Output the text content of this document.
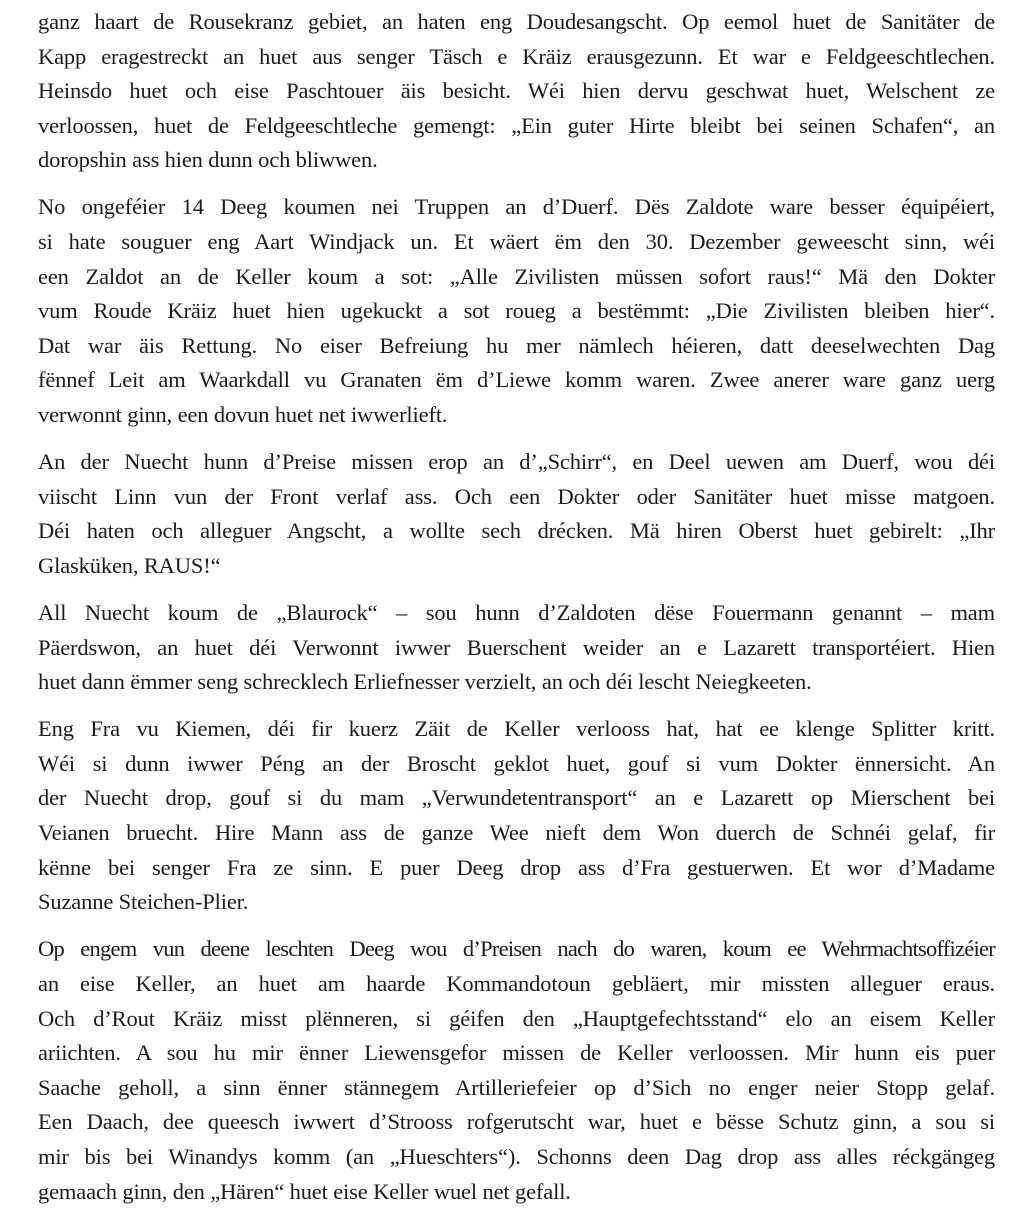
ganz haart de Rousekranz gebiet, an haten eng Doudesangscht. Op eemol huet de Sanitäter de
Kapp eragestreckt an huet aus senger Täsch e Kräiz erausgezunn. Et war e Feldgeeschtlechen.
Heinsdo huet och eise Paschtouer äis besicht. Wéi hien dervu geschwat huet, Welschent ze
verloossen, huet de Feldgeeschtleche gemengt: „Ein guter Hirte bleibt bei seinen Schafen“, an
doropshin ass hien dunn och bliwwen.
No ongeféier 14 Deeg koumen nei Truppen an d’Duerf. Dës Zaldote ware besser équipéiert,
si hate souguer eng Aart Windjack un. Et wäert ëm den 30. Dezember geweescht sinn, wéi
een Zaldot an de Keller koum a sot: „Alle Zivilisten müssen sofort raus!“ Mä den Dokter
vum Roude Kräiz huet hien ugekuckt a sot roueg a bestëmmt: „Die Zivilisten bleiben hier“.
Dat war äis Rettung. No eiser Befreiung hu mer nämlech héieren, datt deeselwechten Dag
fënnef Leit am Waarkdall vu Granaten ëm d’Liewe komm waren. Zwee anerer ware ganz uerg
verwonnt ginn, een dovun huet net iwwerlieft.
An der Nuecht hunn d’Preise missen erop an d’„Schirr“, en Deel uewen am Duerf, wou déi
viischt Linn vun der Front verlaf ass. Och een Dokter oder Sanitäter huet misse matgoen.
Déi haten och alleguer Angscht, a wollte sech drécken. Mä hiren Oberst huet gebirelt: „Ihr
Glasküken, RAUS!“
All Nuecht koum de „Blaurock“ – sou hunn d’Zaldoten dëse Fouermann genannt – mam
Päerdswon, an huet déi Verwonnt iwwer Buerschent weider an e Lazarett transportéiert. Hien
huet dann ëmmer seng schrecklech Erliefnesser verzielt, an och déi lescht Neiegkeeten.
Eng Fra vu Kiemen, déi fir kuerz Zäit de Keller verlooss hat, hat ee klenge Splitter kritt.
Wéi si dunn iwwer Péng an der Broscht geklot huet, gouf si vum Dokter ënnersicht. An
der Nuecht drop, gouf si du mam „Verwundetentransport“ an e Lazarett op Mierschent bei
Veianen bruecht. Hire Mann ass de ganze Wee nieft dem Won duerch de Schnéi gelaf, fir
kënne bei senger Fra ze sinn. E puer Deeg drop ass d’Fra gestuerwen. Et wor d’Madame
Suzanne Steichen-Plier.
Op engem vun deene leschten Deeg wou d’Preisen nach do waren, koum ee Wehrmachtsoffizéier
an eise Keller, an huet am haarde Kommandotoun gebläert, mir missten alleguer eraus.
Och d’Rout Kräiz misst plënneren, si géifen den „Hauptgefechtsstand“ elo an eisem Keller
ariichten. A sou hu mir ënner Liewensgefor missen de Keller verloossen. Mir hunn eis puer
Saache geholl, a sinn ënner stännegem Artilleriefeier op d’Sich no enger neier Stopp gelaf.
Een Daach, dee queesch iwwert d’Strooss rofgerutscht war, huet e bësse Schutz ginn, a sou si
mir bis bei Winandys komm (an „Hueschters“). Schonns deen Dag drop ass alles réckgängeg
gemaach ginn, den „Hären“ huet eise Keller wuel net gefall.
